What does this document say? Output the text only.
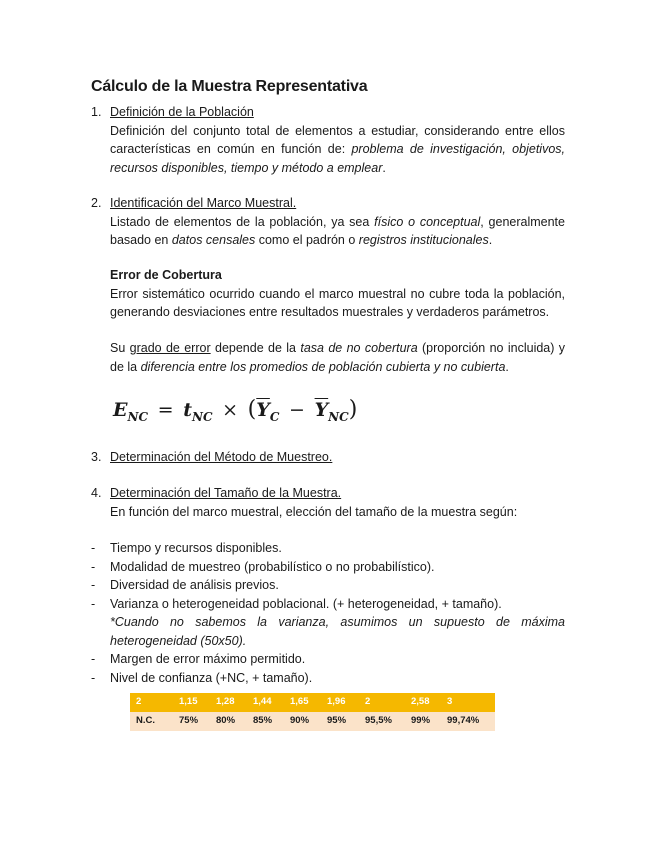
Cálculo de la Muestra Representativa
1. Definición de la Población
Definición del conjunto total de elementos a estudiar, considerando entre ellos características en común en función de: problema de investigación, objetivos, recursos disponibles, tiempo y método a emplear.
2. Identificación del Marco Muestral.
Listado de elementos de la población, ya sea físico o conceptual, generalmente basado en datos censales como el padrón o registros institucionales.
Error de Cobertura
Error sistemático ocurrido cuando el marco muestral no cubre toda la población, generando desviaciones entre resultados muestrales y verdaderos parámetros.
Su grado de error depende de la tasa de no cobertura (proporción no incluida) y de la diferencia entre los promedios de población cubierta y no cubierta.
$E_{NC} = t_{NC} \times (\overline{Y}_C - \overline{Y}_{NC})$
3. Determinación del Método de Muestreo.
4. Determinación del Tamaño de la Muestra.
En función del marco muestral, elección del tamaño de la muestra según:
- Tiempo y recursos disponibles.
- Modalidad de muestreo (probabilístico o no probabilístico).
- Diversidad de análisis previos.
- Varianza o heterogeneidad poblacional. (+ heterogeneidad, + tamaño).
*Cuando no sabemos la varianza, asumimos un supuesto de máxima heterogeneidad (50x50).
- Margen de error máximo permitido.
- Nivel de confianza (+NC, + tamaño).
2	1,15	1,28	1,44	1,65	1,96	2	2,58	3
N.C.	75%	80%	85%	90%	95%	95,5%	99%	99,74%
